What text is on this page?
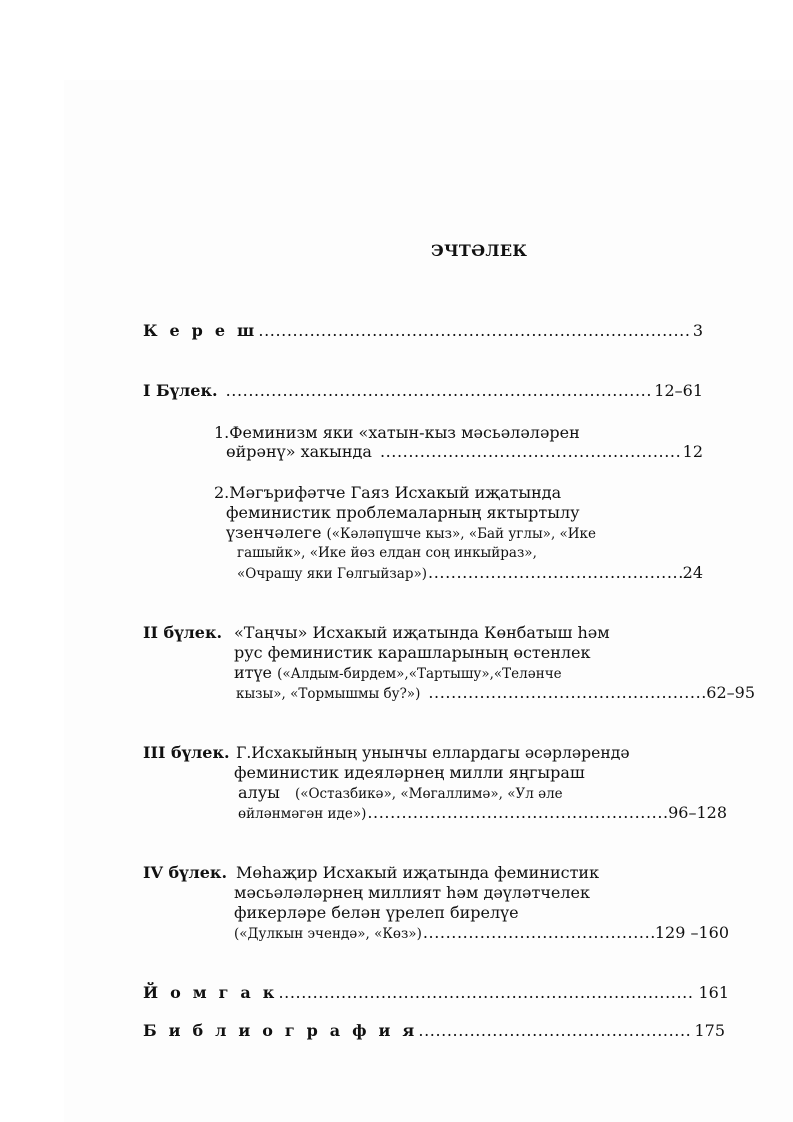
ЭЧТӘЛЕК
К е р е ш .....	3
I Бүлек. .....	12–61
1.Феминизм яки «хатын-кыз мәсьәләләрен
өйрәнү» хакында .....	12
2.Мәгърифәтче Гаяз Исхакый иҗатында
феминистик проблемаларның яктыртылу
үзенчәлеге («Кәләпүшче кыз», «Бай углы», «Ике
гашыйк», «Ике йөз елдан соң инкыйраз»,
«Очрашу яки Гөлгыйзар») .....	24
II бүлек. «Таңчы» Исхакый иҗатында Көнбатыш һәм
рус феминистик карашларының өстенлек
итүе («Алдым-бирдем»,«Тартышу»,«Теләнче
кызы», «Тормышмы бу?») .....	62–95
III бүлек. Г.Исхакыйның унынчы еллардагы әсәрләрендә
феминистик идеяләрнең милли яңгыраш
алуы («Остазбикә», «Мөгаллимә», «Ул әле
өйләнмәгән иде») .....	96–128
IV бүлек. Мөһаҗир Исхакый иҗатында феминистик
мәсьәләләрнең миллият һәм дәүләтчелек
фикерләре белән үрелеп бирелүе
(«Дулкын эчендә», «Көз») .....	129 –160
Й о м г а к .....	161
Б и б л и о г р а ф и я .....	175
